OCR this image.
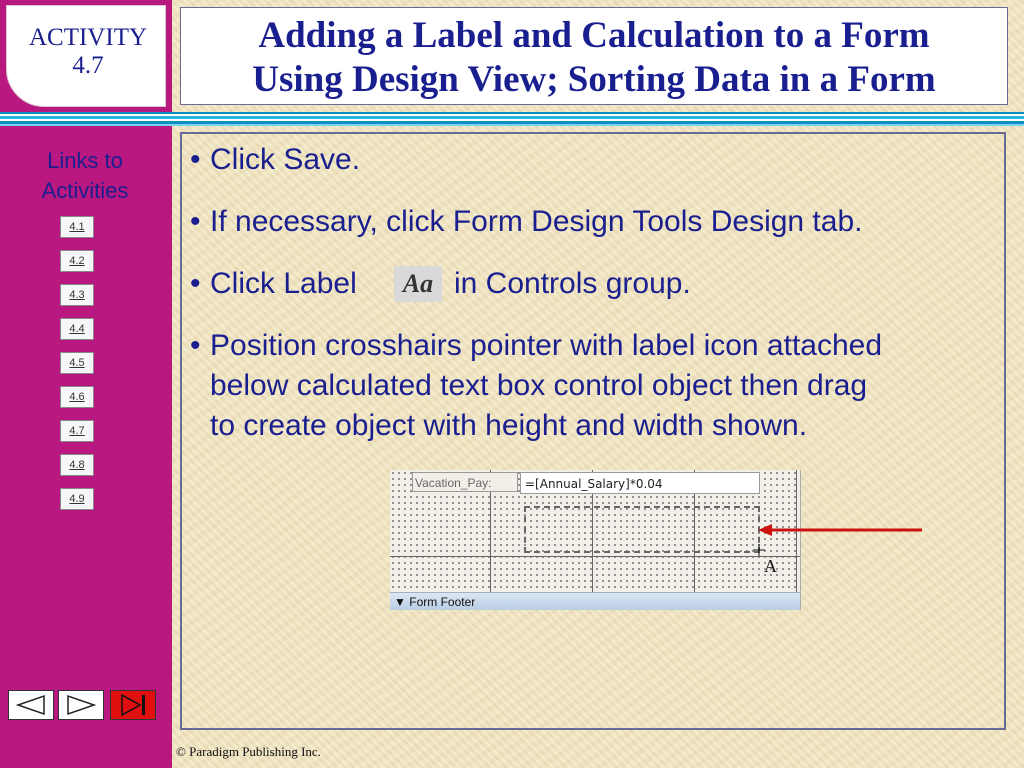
ACTIVITY
4.7
Links to
Activities
4.1
4.2
4.3
4.4
4.5
4.6
4.7
4.8
4.9
Adding a Label and Calculation to a Form
Using Design View; Sorting Data in a Form
• Click Save.
• If necessary, click Form Design Tools Design tab.
• Click Label	Aa in Controls group.
• Position crosshairs pointer with label icon attached
below calculated text box control object then drag
to create object with height and width shown.
Vacation_Pay:	=[Annual_Salary]*0.04
A
▼ Form Footer
© Paradigm Publishing Inc.
